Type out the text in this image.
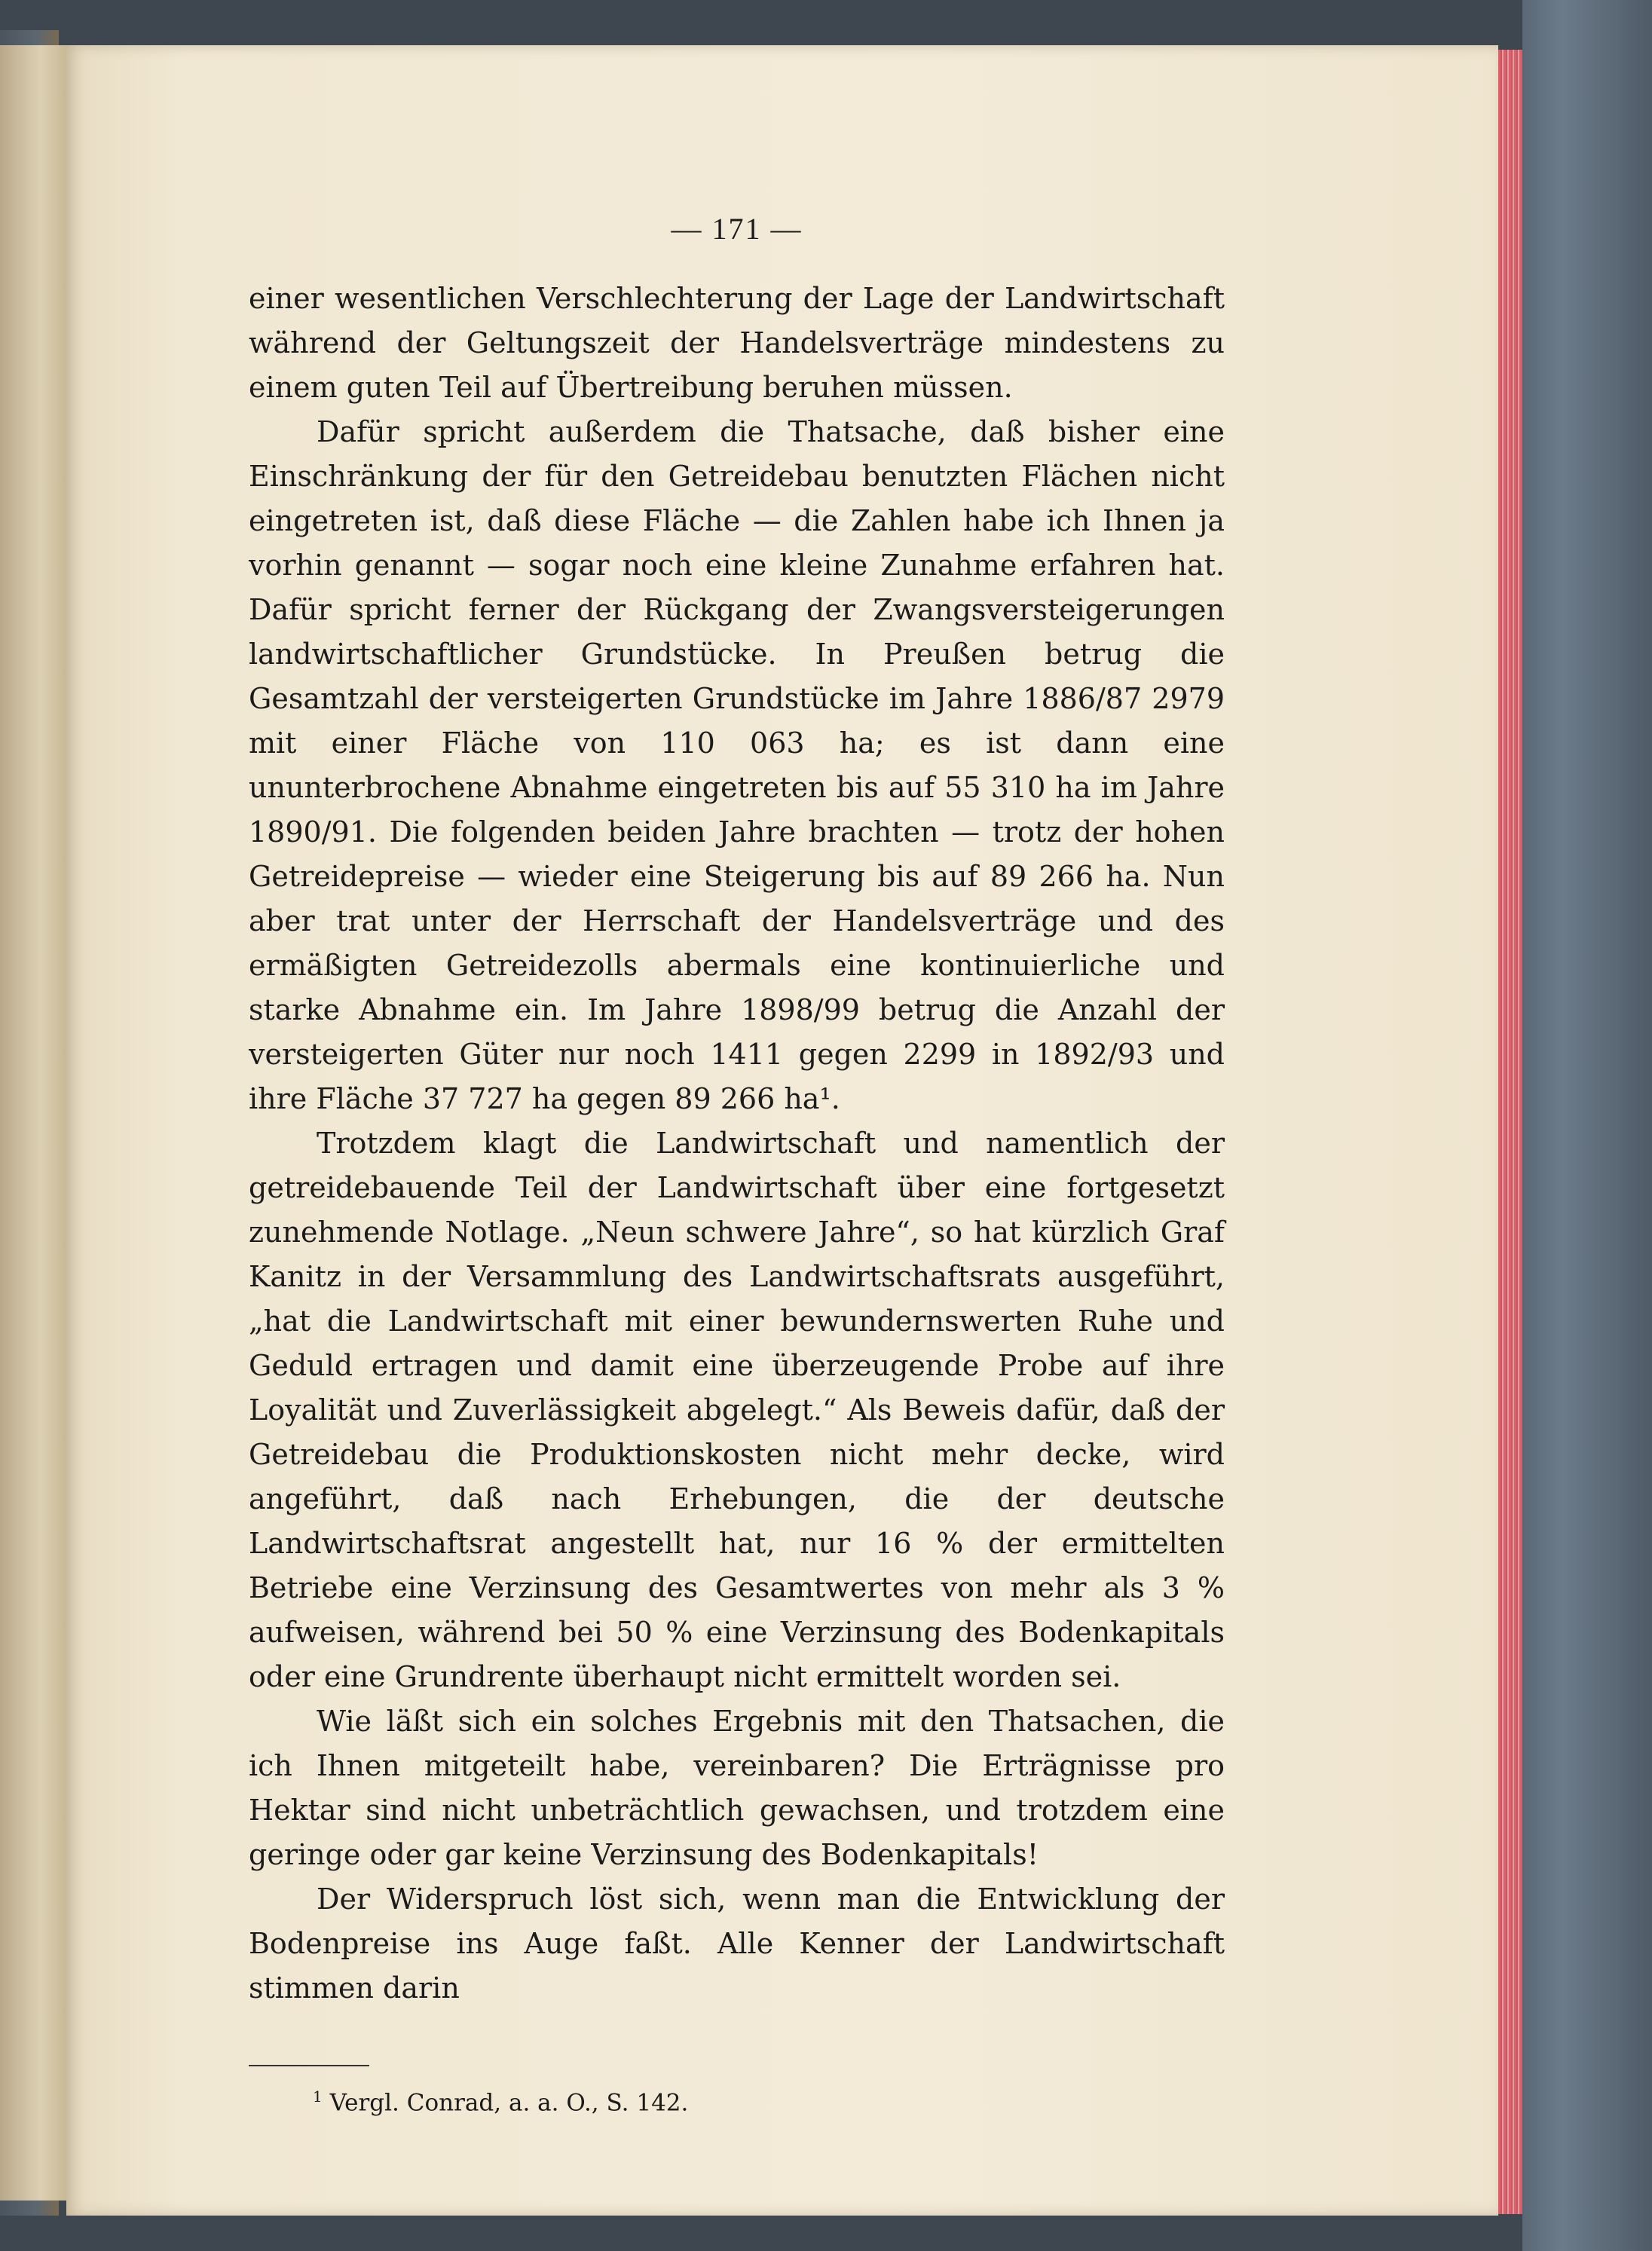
— 171 —

einer wesentlichen Verschlechterung der Lage der Landwirtschaft während der Geltungszeit der Handelsverträge mindestens zu einem guten Teil auf Übertreibung beruhen müssen.

Dafür spricht außerdem die Thatsache, daß bisher eine Einschränkung der für den Getreidebau benutzten Flächen nicht eingetreten ist, daß diese Fläche — die Zahlen habe ich Ihnen ja vorhin genannt — sogar noch eine kleine Zunahme erfahren hat. Dafür spricht ferner der Rückgang der Zwangsversteigerungen landwirtschaftlicher Grundstücke. In Preußen betrug die Gesamtzahl der versteigerten Grundstücke im Jahre 1886/87 2979 mit einer Fläche von 110 063 ha; es ist dann eine ununterbrochene Abnahme eingetreten bis auf 55 310 ha im Jahre 1890/91. Die folgenden beiden Jahre brachten — trotz der hohen Getreidepreise — wieder eine Steigerung bis auf 89 266 ha. Nun aber trat unter der Herrschaft der Handelsverträge und des ermäßigten Getreidezolls abermals eine kontinuierliche und starke Abnahme ein. Im Jahre 1898/99 betrug die Anzahl der versteigerten Güter nur noch 1411 gegen 2299 in 1892/93 und ihre Fläche 37 727 ha gegen 89 266 ha¹.

Trotzdem klagt die Landwirtschaft und namentlich der getreidebauende Teil der Landwirtschaft über eine fortgesetzt zunehmende Notlage. „Neun schwere Jahre“, so hat kürzlich Graf Kanitz in der Versammlung des Landwirtschaftsrats ausgeführt, „hat die Landwirtschaft mit einer bewundernswerten Ruhe und Geduld ertragen und damit eine überzeugende Probe auf ihre Loyalität und Zuverlässigkeit abgelegt.“ Als Beweis dafür, daß der Getreidebau die Produktionskosten nicht mehr decke, wird angeführt, daß nach Erhebungen, die der deutsche Landwirtschaftsrat angestellt hat, nur 16 % der ermittelten Betriebe eine Verzinsung des Gesamtwertes von mehr als 3 % aufweisen, während bei 50 % eine Verzinsung des Bodenkapitals oder eine Grundrente überhaupt nicht ermittelt worden sei.

Wie läßt sich ein solches Ergebnis mit den Thatsachen, die ich Ihnen mitgeteilt habe, vereinbaren? Die Erträgnisse pro Hektar sind nicht unbeträchtlich gewachsen, und trotzdem eine geringe oder gar keine Verzinsung des Bodenkapitals!

Der Widerspruch löst sich, wenn man die Entwicklung der Bodenpreise ins Auge faßt. Alle Kenner der Landwirtschaft stimmen darin

$^1$ Vergl. Conrad, a. a. O., S. 142.
